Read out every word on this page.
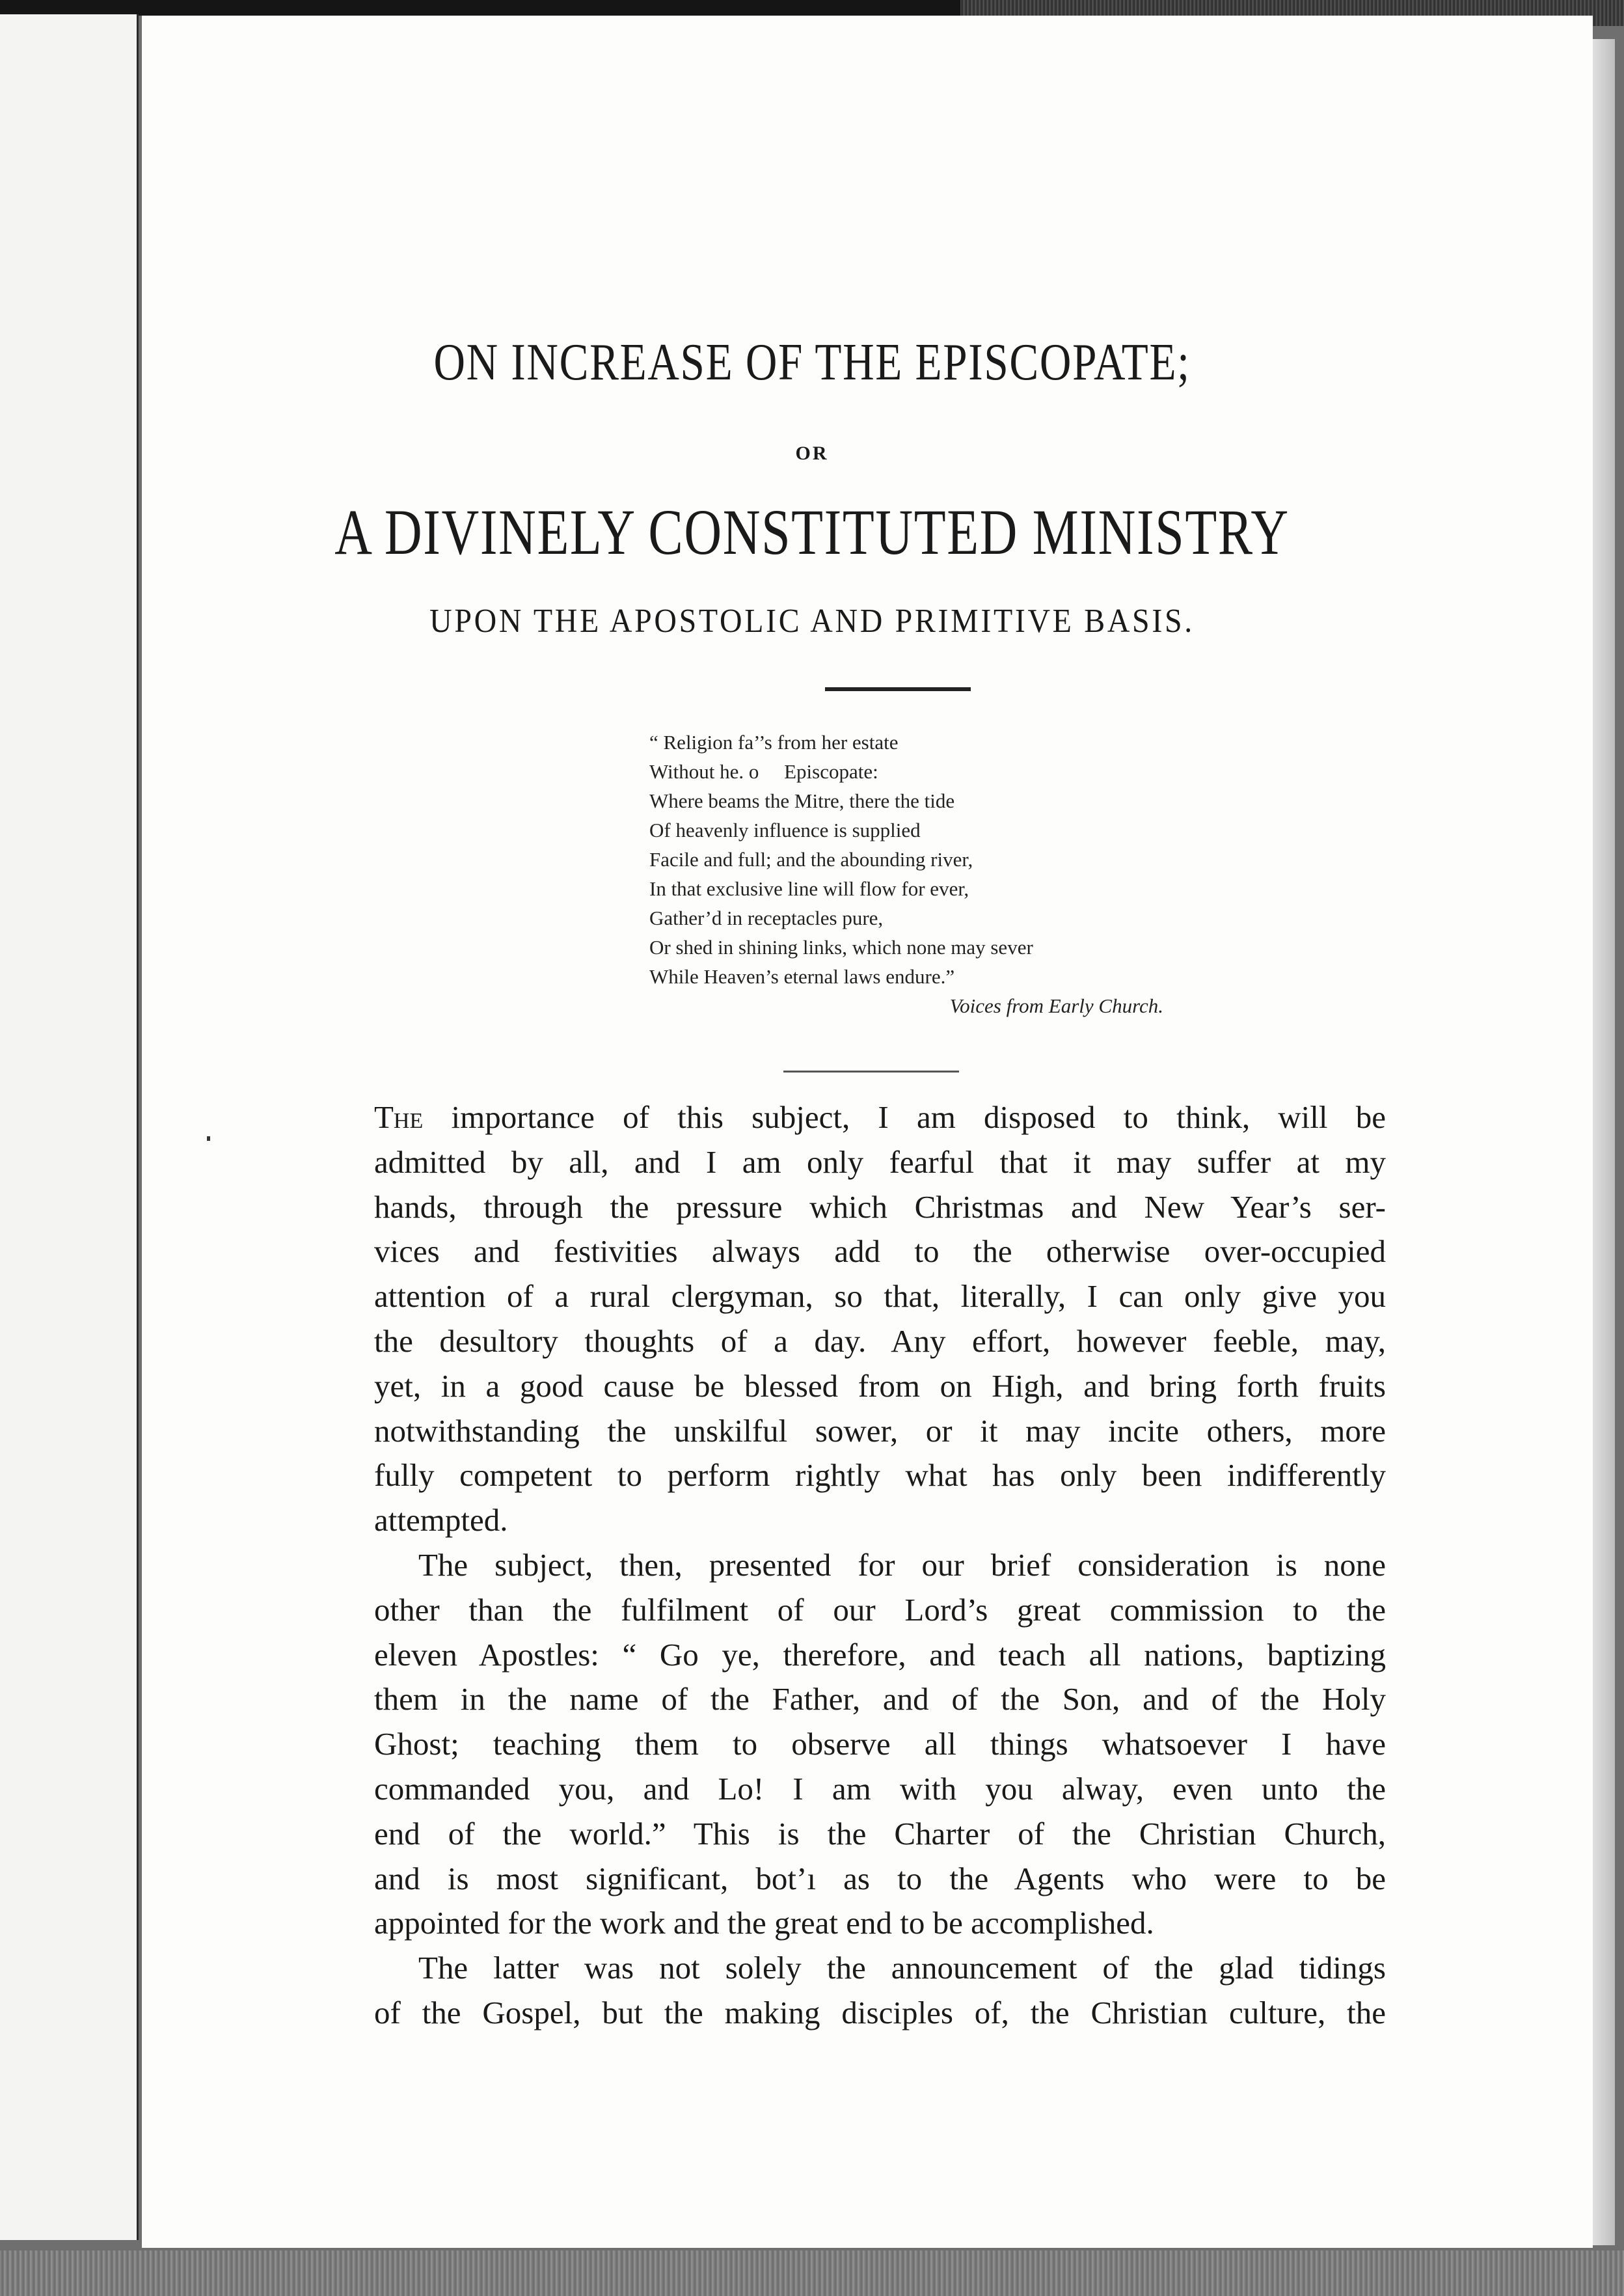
ON INCREASE OF THE EPISCOPATE;
OR
A DIVINELY CONSTITUTED MINISTRY
UPON THE APOSTOLIC AND PRIMITIVE BASIS.
“ Religion fa’’s from her estate
Without he. o     Episcopate:
Where beams the Mitre, there the tide
Of heavenly influence is supplied
Facile and full; and the abounding river,
In that exclusive line will flow for ever,
Gather’d in receptacles pure,
Or shed in shining links, which none may sever
While Heaven’s eternal laws endure.”
Voices from Early Church.
The importance of this subject, I am disposed to think, will be
admitted by all, and I am only fearful that it may suffer at my
hands, through the pressure which Christmas and New Year’s ser-
vices and festivities always add to the otherwise over-occupied
attention of a rural clergyman, so that, literally, I can only give you
the desultory thoughts of a day. Any effort, however feeble, may,
yet, in a good cause be blessed from on High, and bring forth fruits
notwithstanding the unskilful sower, or it may incite others, more
fully competent to perform rightly what has only been indifferently
attempted.
The subject, then, presented for our brief consideration is none
other than the fulfilment of our Lord’s great commission to the
eleven Apostles: “ Go ye, therefore, and teach all nations, baptizing
them in the name of the Father, and of the Son, and of the Holy
Ghost; teaching them to observe all things whatsoever I have
commanded you, and Lo! I am with you alway, even unto the
end of the world.” This is the Charter of the Christian Church,
and is most significant, bot’ı as to the Agents who were to be
appointed for the work and the great end to be accomplished.
The latter was not solely the announcement of the glad tidings
of the Gospel, but the making disciples of, the Christian culture, the
